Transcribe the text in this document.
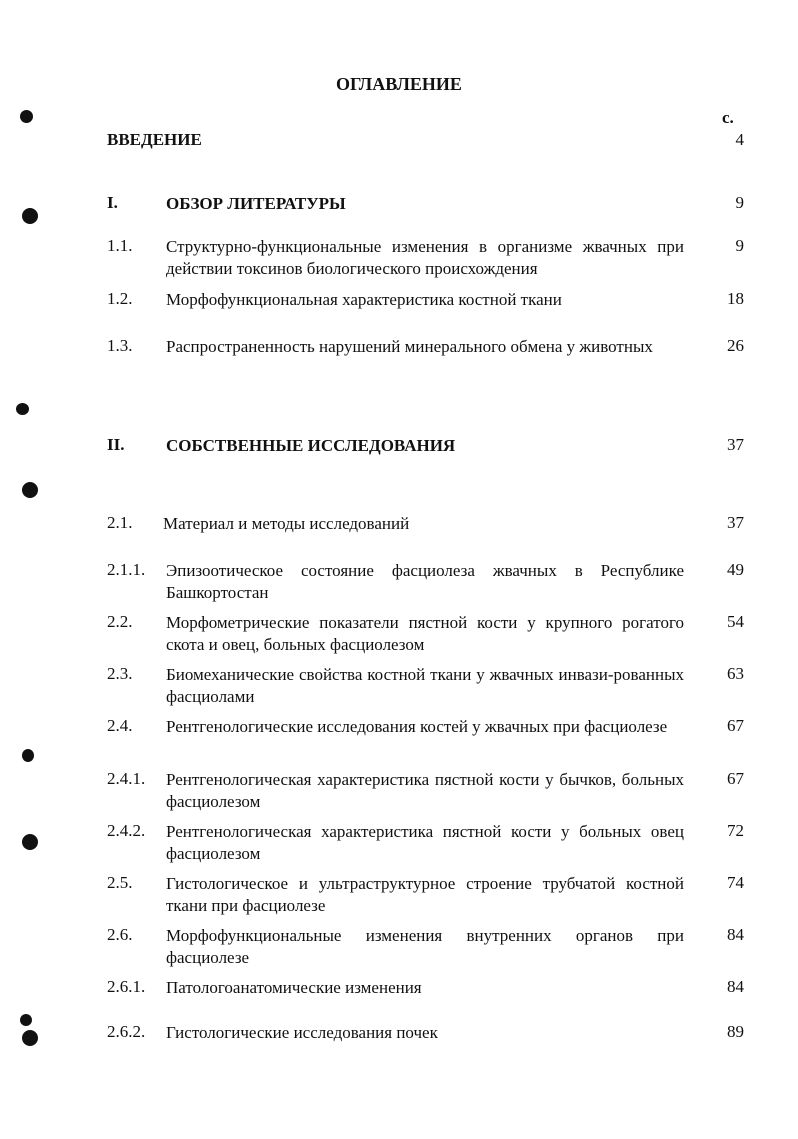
ОГЛАВЛЕНИЕ
с.
ВВЕДЕНИЕ	4
I.	ОБЗОР ЛИТЕРАТУРЫ	9
1.1. Структурно-функциональные изменения в организме жвачных при действии токсинов биологического происхождения
9
1.2. Морфофункциональная характеристика костной ткани	18
1.3. Распространенность нарушений минерального обмена у животных	26
II. СОБСТВЕННЫЕ ИССЛЕДОВАНИЯ	37
2.1. Материал и методы исследований	37
2.1.1. Эпизоотическое состояние фасциолеза жвачных в Республике Башкортостан
49
2.2. Морфометрические показатели пястной кости у крупного рогатого скота и овец, больных фасциолезом
54
2.3. Биомеханические свойства костной ткани у жвачных инвази-рованных фасциолами
63
2.4. Рентгенологические исследования костей у жвачных при фасциолезе	67
2.4.1. Рентгенологическая характеристика пястной кости у бычков, больных фасциолезом
67
2.4.2. Рентгенологическая характеристика пястной кости у больных овец фасциолезом
72
2.5. Гистологическое и ультраструктурное строение трубчатой костной ткани при фасциолезе
74
2.6. Морфофункциональные изменения внутренних органов при фасциолезе
84
2.6.1. Патологоанатомические изменения	84
2.6.2. Гистологические исследования почек	89
